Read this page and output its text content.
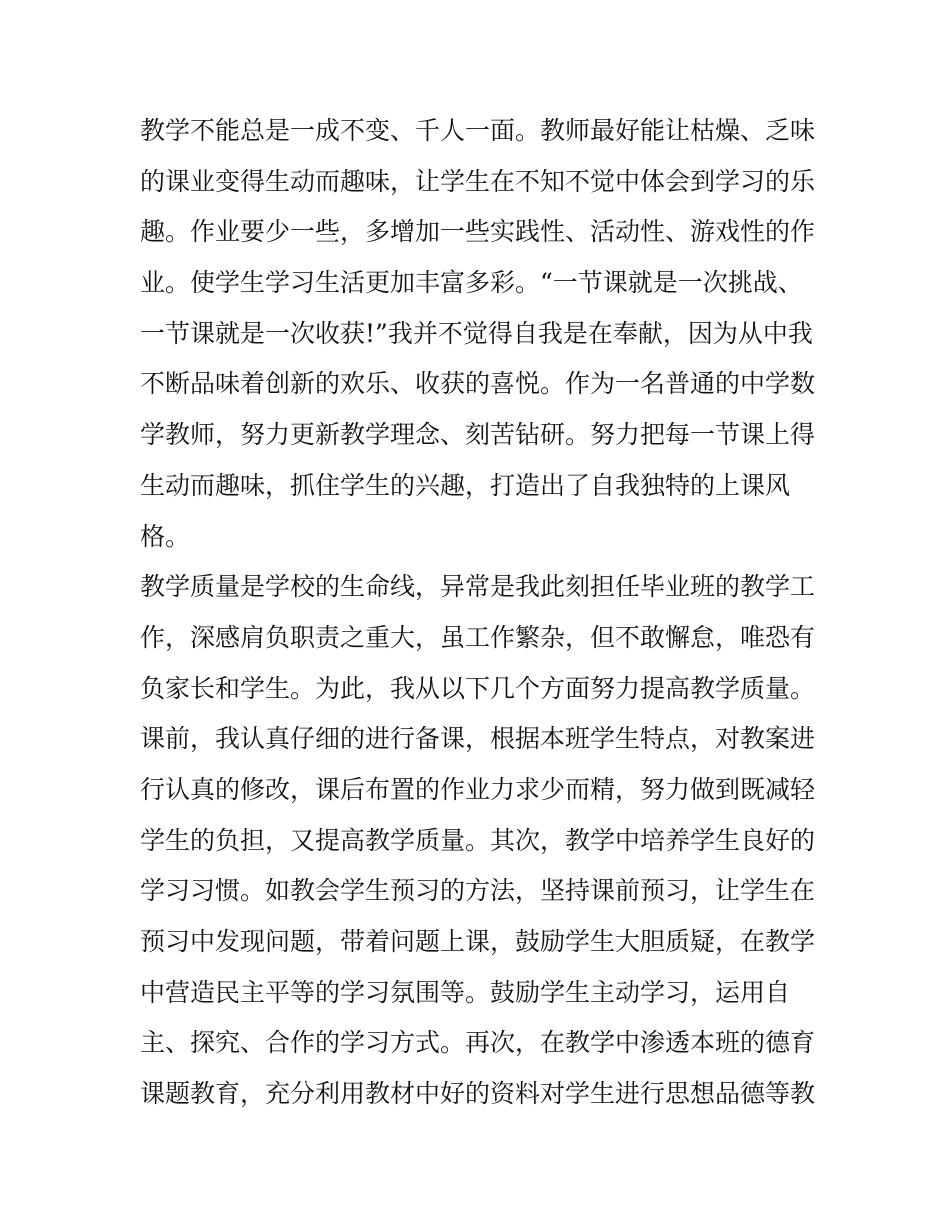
教学不能总是一成不变、千人一面。教师最好能让枯燥、乏味
的课业变得生动而趣味，让学生在不知不觉中体会到学习的乐
趣。作业要少一些，多增加一些实践性、活动性、游戏性的作
业。使学生学习生活更加丰富多彩。“一节课就是一次挑战、
一节课就是一次收获!”我并不觉得自我是在奉献，因为从中我
不断品味着创新的欢乐、收获的喜悦。作为一名普通的中学数
学教师，努力更新教学理念、刻苦钻研。努力把每一节课上得
生动而趣味，抓住学生的兴趣，打造出了自我独特的上课风
格。
教学质量是学校的生命线，异常是我此刻担任毕业班的教学工
作，深感肩负职责之重大，虽工作繁杂，但不敢懈怠，唯恐有
负家长和学生。为此，我从以下几个方面努力提高教学质量。
课前，我认真仔细的进行备课，根据本班学生特点，对教案进
行认真的修改，课后布置的作业力求少而精，努力做到既减轻
学生的负担，又提高教学质量。其次，教学中培养学生良好的
学习习惯。如教会学生预习的方法，坚持课前预习，让学生在
预习中发现问题，带着问题上课，鼓励学生大胆质疑，在教学
中营造民主平等的学习氛围等。鼓励学生主动学习，运用自
主、探究、合作的学习方式。再次，在教学中渗透本班的德育
课题教育，充分利用教材中好的资料对学生进行思想品德等教
